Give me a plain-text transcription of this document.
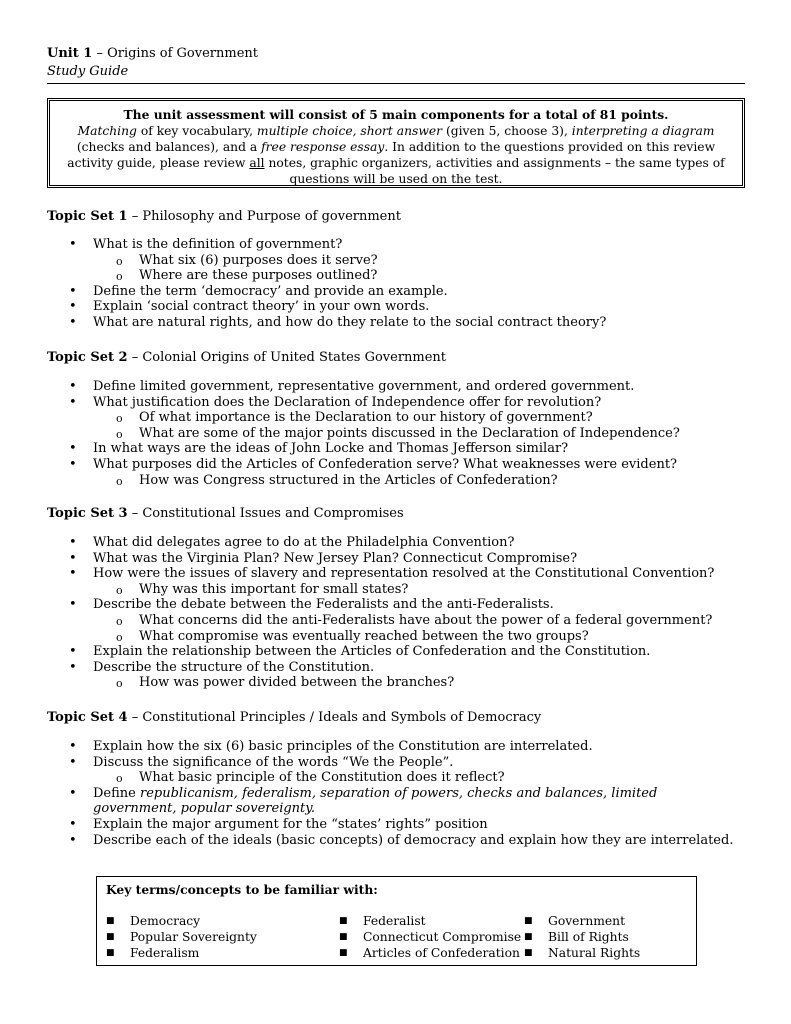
Unit 1 – Origins of Government
Study Guide
The unit assessment will consist of 5 main components for a total of 81 points.
Matching of key vocabulary, multiple choice, short answer (given 5, choose 3), interpreting a diagram (checks and balances), and a free response essay. In addition to the questions provided on this review activity guide, please review all notes, graphic organizers, activities and assignments – the same types of questions will be used on the test.
Topic Set 1 – Philosophy and Purpose of government
• What is the definition of government?
o What six (6) purposes does it serve?
o Where are these purposes outlined?
• Define the term ‘democracy’ and provide an example.
• Explain ‘social contract theory’ in your own words.
• What are natural rights, and how do they relate to the social contract theory?
Topic Set 2 – Colonial Origins of United States Government
• Define limited government, representative government, and ordered government.
• What justification does the Declaration of Independence offer for revolution?
o Of what importance is the Declaration to our history of government?
o What are some of the major points discussed in the Declaration of Independence?
• In what ways are the ideas of John Locke and Thomas Jefferson similar?
• What purposes did the Articles of Confederation serve? What weaknesses were evident?
o How was Congress structured in the Articles of Confederation?
Topic Set 3 – Constitutional Issues and Compromises
• What did delegates agree to do at the Philadelphia Convention?
• What was the Virginia Plan? New Jersey Plan? Connecticut Compromise?
• How were the issues of slavery and representation resolved at the Constitutional Convention?
o Why was this important for small states?
• Describe the debate between the Federalists and the anti-Federalists.
o What concerns did the anti-Federalists have about the power of a federal government?
o What compromise was eventually reached between the two groups?
• Explain the relationship between the Articles of Confederation and the Constitution.
• Describe the structure of the Constitution.
o How was power divided between the branches?
Topic Set 4 – Constitutional Principles / Ideals and Symbols of Democracy
• Explain how the six (6) basic principles of the Constitution are interrelated.
• Discuss the significance of the words “We the People”.
o What basic principle of the Constitution does it reflect?
• Define republicanism, federalism, separation of powers, checks and balances, limited government, popular sovereignty.
• Explain the major argument for the “states’ rights” position
• Describe each of the ideals (basic concepts) of democracy and explain how they are interrelated.
Key terms/concepts to be familiar with:
■ Democracy
■ Popular Sovereignty
■ Federalism
■ Federalist
■ Connecticut Compromise
■ Articles of Confederation
■ Government
■ Bill of Rights
■ Natural Rights
